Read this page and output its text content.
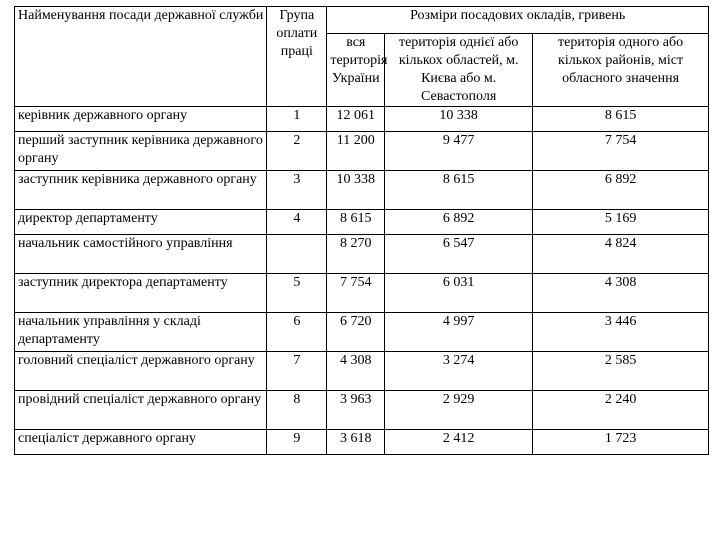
Найменування посади державної служби	Група оплати праці	Розміри посадових окладів, гривень		
		вся територія України	територія однієї або кількох областей, м. Києва або м. Севастополя	територія одного або кількох районів, міст обласного значення
керівник державного органу	1	12 061	10 338	8 615
перший заступник керівника державного органу	2	11 200	9 477	7 754
заступник керівника державного органу	3	10 338	8 615	6 892
директор департаменту	4	8 615	6 892	5 169
начальник самостійного управління		8 270	6 547	4 824
заступник директора департаменту	5	7 754	6 031	4 308
начальник управління у складі департаменту	6	6 720	4 997	3 446
головний спеціаліст державного органу	7	4 308	3 274	2 585
провідний спеціаліст державного органу	8	3 963	2 929	2 240
спеціаліст державного органу	9	3 618	2 412	1 723
